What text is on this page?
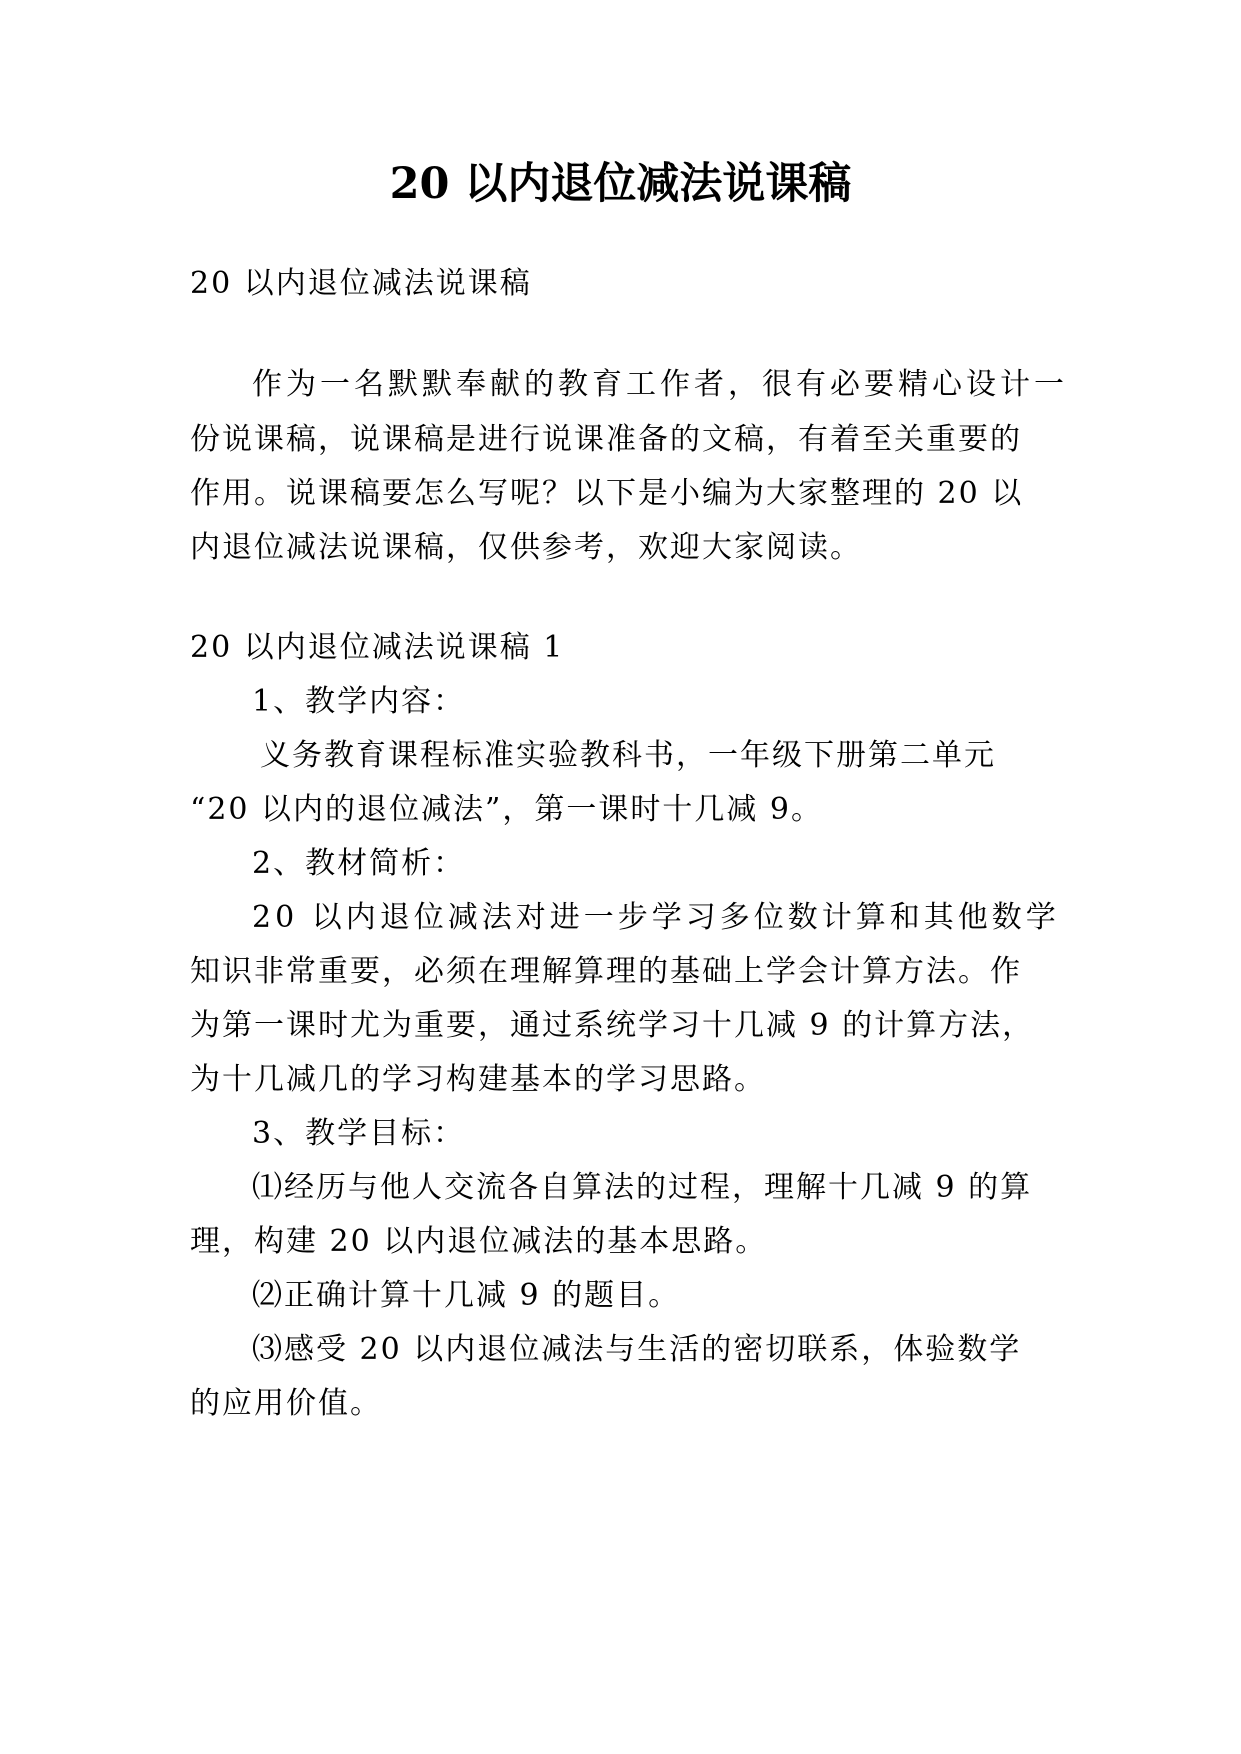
20 以内退位减法说课稿
20 以内退位减法说课稿
作为一名默默奉献的教育工作者，很有必要精心设计一
份说课稿，说课稿是进行说课准备的文稿，有着至关重要的
作用。说课稿要怎么写呢？以下是小编为大家整理的 20 以
内退位减法说课稿，仅供参考，欢迎大家阅读。
20 以内退位减法说课稿 1
1、教学内容：
义务教育课程标准实验教科书，一年级下册第二单元
“20 以内的退位减法”，第一课时十几减 9。
2、教材简析：
20 以内退位减法对进一步学习多位数计算和其他数学
知识非常重要，必须在理解算理的基础上学会计算方法。作
为第一课时尤为重要，通过系统学习十几减 9 的计算方法，
为十几减几的学习构建基本的学习思路。
3、教学目标：
⑴经历与他人交流各自算法的过程，理解十几减 9 的算
理，构建 20 以内退位减法的基本思路。
⑵正确计算十几减 9 的题目。
⑶感受 20 以内退位减法与生活的密切联系，体验数学
的应用价值。
